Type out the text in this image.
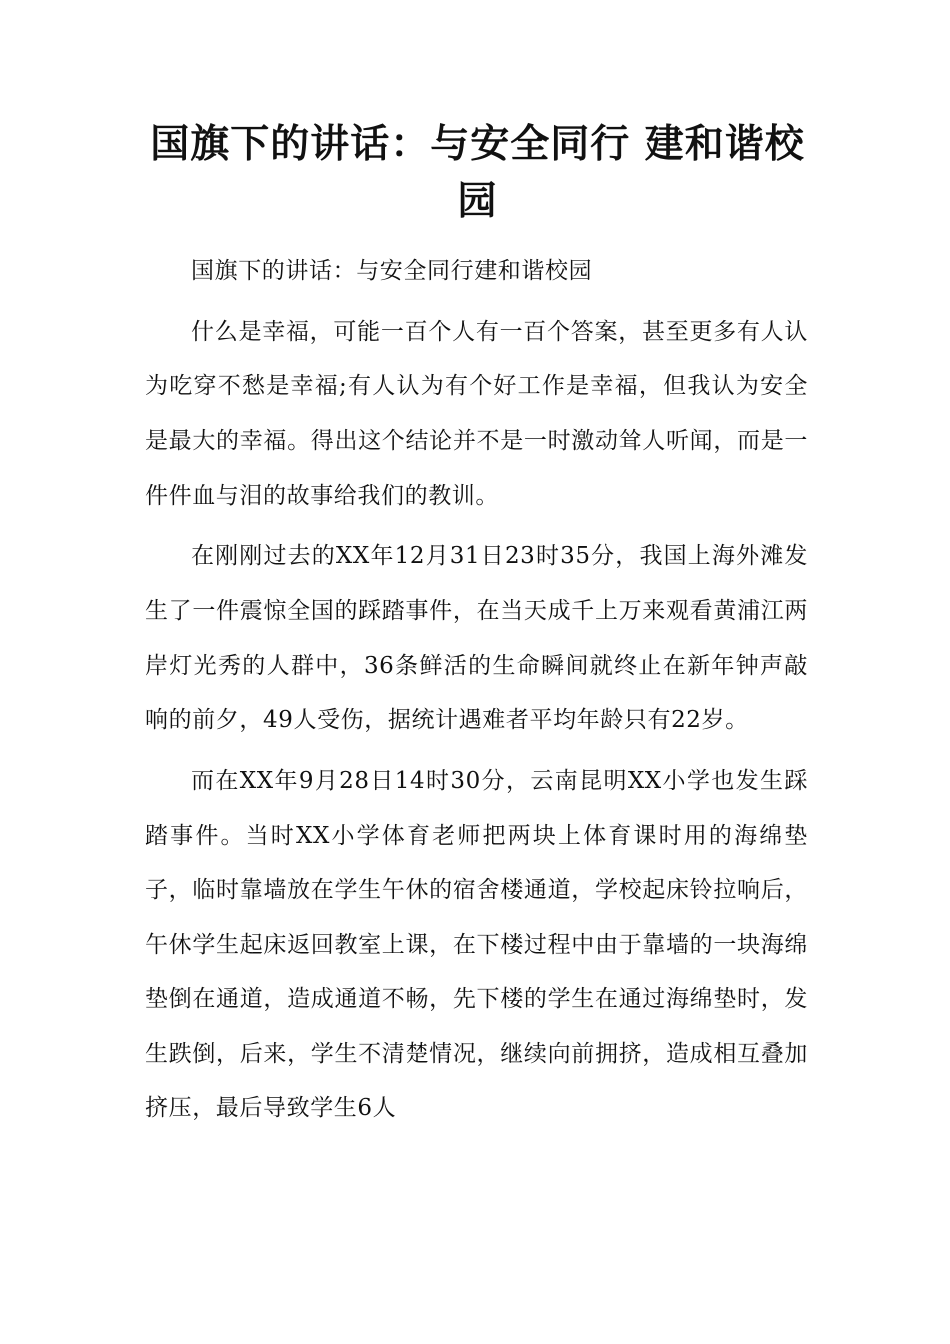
国旗下的讲话：与安全同行 建和谐校园

国旗下的讲话：与安全同行建和谐校园

什么是幸福，可能一百个人有一百个答案，甚至更多有人认为吃穿不愁是幸福;有人认为有个好工作是幸福，但我认为安全是最大的幸福。得出这个结论并不是一时激动耸人听闻，而是一件件血与泪的故事给我们的教训。

在刚刚过去的XX年12月31日23时35分，我国上海外滩发生了一件震惊全国的踩踏事件，在当天成千上万来观看黄浦江两岸灯光秀的人群中，36条鲜活的生命瞬间就终止在新年钟声敲响的前夕，49人受伤，据统计遇难者平均年龄只有22岁。

而在XX年9月28日14时30分，云南昆明XX小学也发生踩踏事件。当时XX小学体育老师把两块上体育课时用的海绵垫子，临时靠墙放在学生午休的宿舍楼通道，学校起床铃拉响后，午休学生起床返回教室上课，在下楼过程中由于靠墙的一块海绵垫倒在通道，造成通道不畅，先下楼的学生在通过海绵垫时，发生跌倒，后来，学生不清楚情况，继续向前拥挤，造成相互叠加挤压，最后导致学生6人
